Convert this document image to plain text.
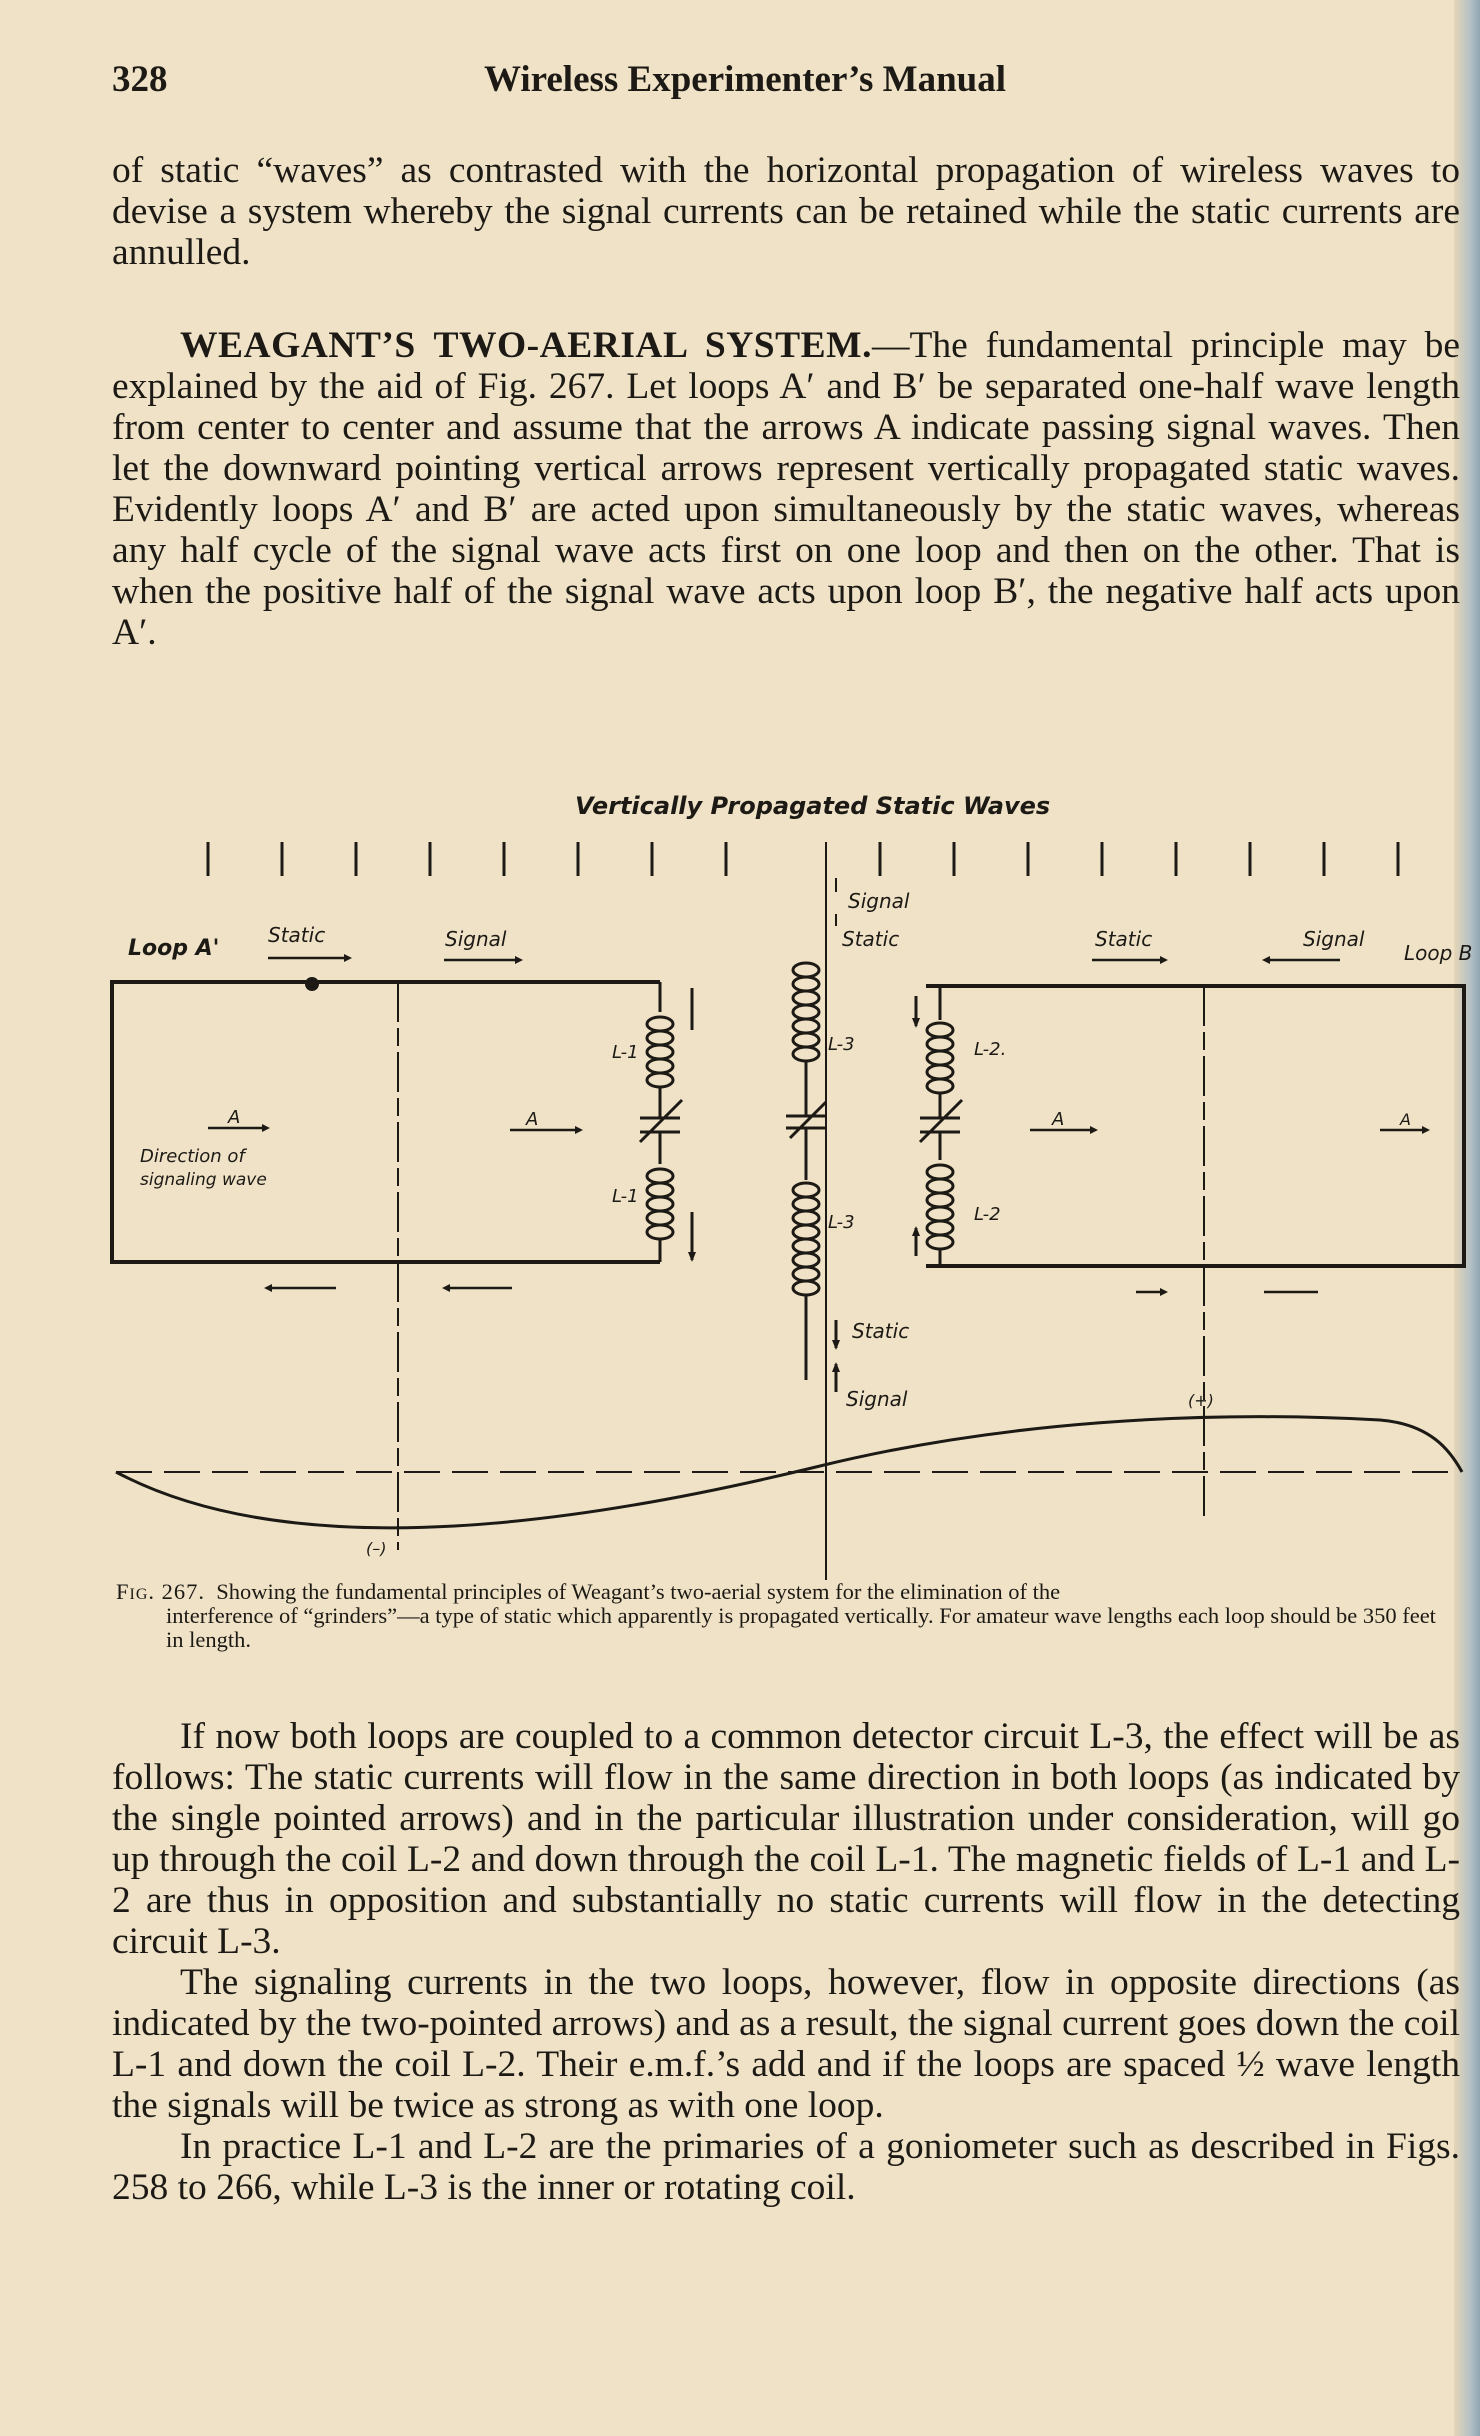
328	Wireless Experimenter’s Manual

of static “waves” as contrasted with the horizontal propagation of wireless waves to devise a system whereby the signal currents can be retained while the static currents are annulled.

WEAGANT’S TWO-AERIAL SYSTEM.—The fundamental principle may be explained by the aid of Fig. 267. Let loops A′ and B′ be separated one-half wave length from center to center and assume that the arrows A indicate passing signal waves. Then let the downward pointing vertical arrows represent vertically propagated static waves. Evidently loops A′ and B′ are acted upon simultaneously by the static waves, whereas any half cycle of the signal wave acts first on one loop and then on the other. That is when the positive half of the signal wave acts upon loop B′, the negative half acts upon A′.

Vertically Propagated Static Waves
Signal
Static
Loop A'	Loop B
Static	Signal	Static	Signal
L-1
L-1
A
Direction of
signaling wave
A
L-3
L-3
Static
Signal
L-2.
L-2
A	A
(+)
(–)
Fig. 267. Showing the fundamental principles of Weagant’s two-aerial system for the elimination of the
interference of “grinders”—a type of static which apparently is propagated vertically. For amateur wave lengths each loop should be 350 feet in length.

If now both loops are coupled to a common detector circuit L-3, the effect will be as follows: The static currents will flow in the same direction in both loops (as indicated by the single pointed arrows) and in the particular illustration under consideration, will go up through the coil L-2 and down through the coil L-1. The magnetic fields of L-1 and L-2 are thus in opposition and substantially no static currents will flow in the detecting circuit L-3.

The signaling currents in the two loops, however, flow in opposite directions (as indicated by the two-pointed arrows) and as a result, the signal current goes down the coil L-1 and down the coil L-2. Their e.m.f.’s add and if the loops are spaced ½ wave length the signals will be twice as strong as with one loop.

In practice L-1 and L-2 are the primaries of a goniometer such as described in Figs. 258 to 266, while L-3 is the inner or rotating coil.
